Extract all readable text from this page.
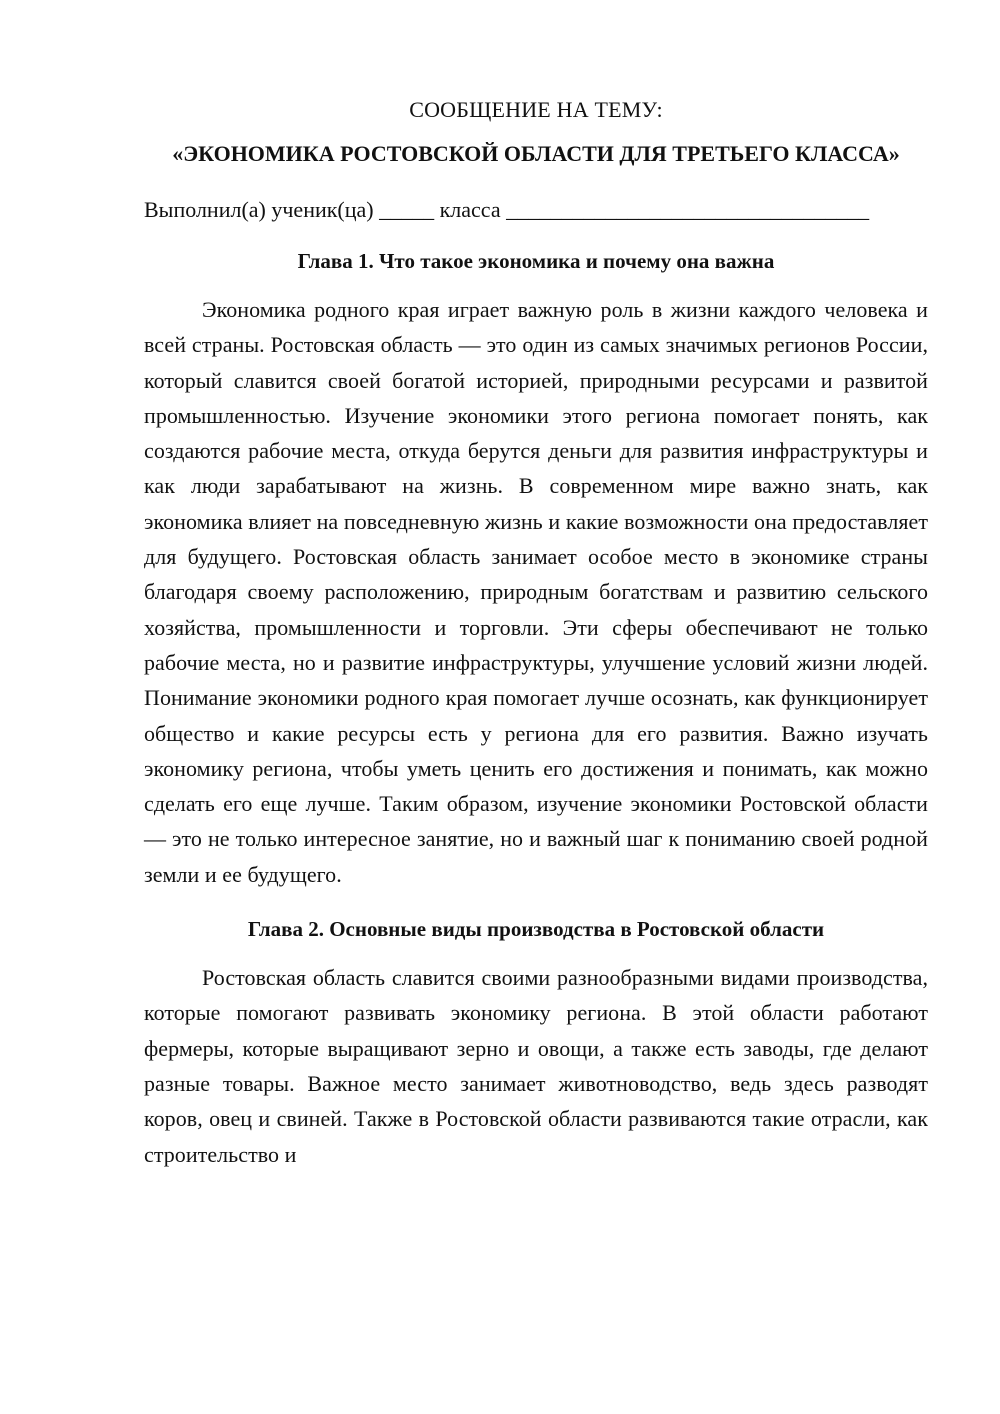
СООБЩЕНИЕ НА ТЕМУ:

«ЭКОНОМИКА РОСТОВСКОЙ ОБЛАСТИ ДЛЯ ТРЕТЬЕГО КЛАССА»

Выполнил(а) ученик(ца) _____ класса _________________________________

Глава 1. Что такое экономика и почему она важна

Экономика родного края играет важную роль в жизни каждого человека и всей страны. Ростовская область — это один из самых значимых регионов России, который славится своей богатой историей, природными ресурсами и развитой промышленностью. Изучение экономики этого региона помогает понять, как создаются рабочие места, откуда берутся деньги для развития инфраструктуры и как люди зарабатывают на жизнь. В современном мире важно знать, как экономика влияет на повседневную жизнь и какие возможности она предоставляет для будущего. Ростовская область занимает особое место в экономике страны благодаря своему расположению, природным богатствам и развитию сельского хозяйства, промышленности и торговли. Эти сферы обеспечивают не только рабочие места, но и развитие инфраструктуры, улучшение условий жизни людей. Понимание экономики родного края помогает лучше осознать, как функционирует общество и какие ресурсы есть у региона для его развития. Важно изучать экономику региона, чтобы уметь ценить его достижения и понимать, как можно сделать его еще лучше. Таким образом, изучение экономики Ростовской области — это не только интересное занятие, но и важный шаг к пониманию своей родной земли и ее будущего.

Глава 2. Основные виды производства в Ростовской области

Ростовская область славится своими разнообразными видами производства, которые помогают развивать экономику региона. В этой области работают фермеры, которые выращивают зерно и овощи, а также есть заводы, где делают разные товары. Важное место занимает животноводство, ведь здесь разводят коров, овец и свиней. Также в Ростовской области развиваются такие отрасли, как строительство и
